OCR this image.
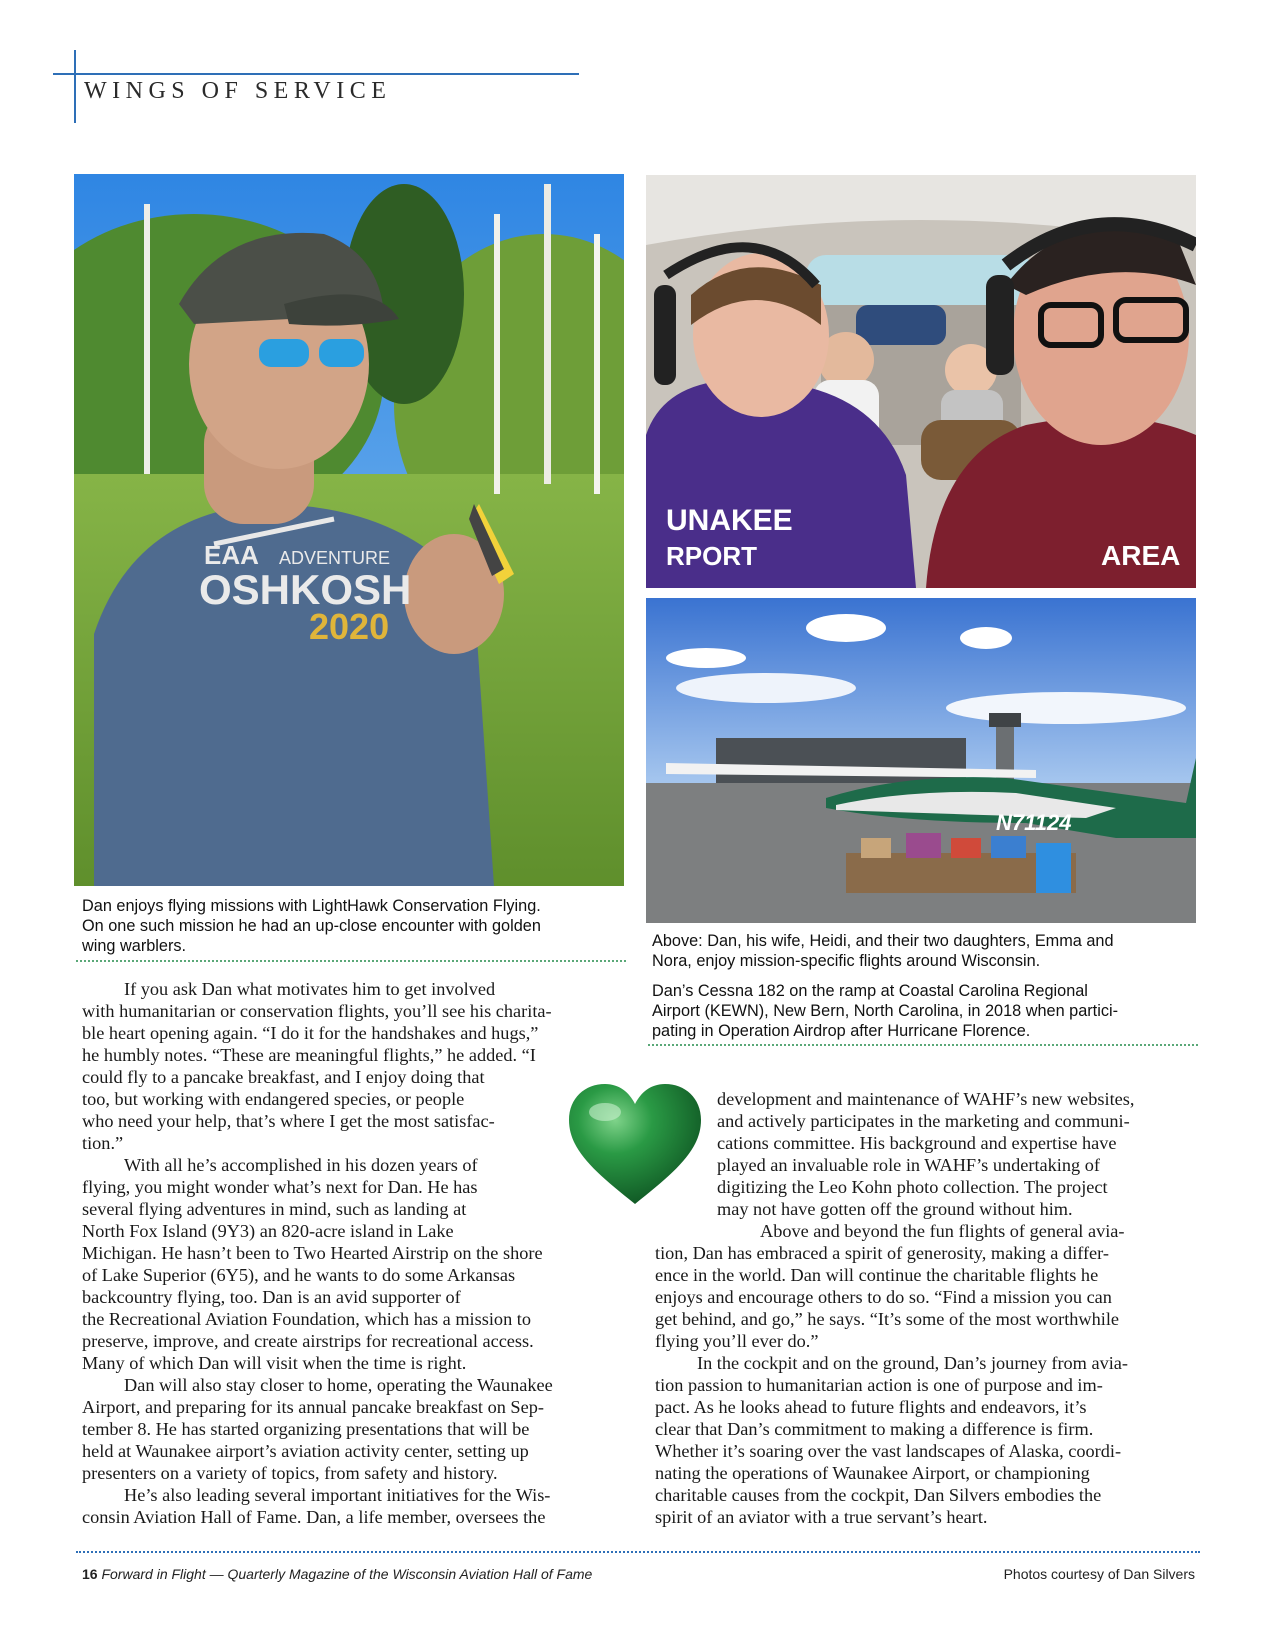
WINGS OF SERVICE
EAA ADVENTURE
OSHKOSH
2020
UNAKEE
RPORT	AREA
N71124
Dan enjoys flying missions with LightHawk Conservation Flying.
On one such mission he had an up-close encounter with golden
wing warblers.	Above: Dan, his wife, Heidi, and their two daughters, Emma and
Nora, enjoy mission-specific flights around Wisconsin.
Dan’s Cessna 182 on the ramp at Coastal Carolina Regional
Airport (KEWN), New Bern, North Carolina, in 2018 when partici-
pating in Operation Airdrop after Hurricane Florence.
If you ask Dan what motivates him to get involved
with humanitarian or conservation flights, you’ll see his charita-
ble heart opening again. “I do it for the handshakes and hugs,”
he humbly notes. “These are meaningful flights,” he added. “I
could fly to a pancake breakfast, and I enjoy doing that
too, but working with endangered species, or people
who need your help, that’s where I get the most satisfac-
tion.”
With all he’s accomplished in his dozen years of
flying, you might wonder what’s next for Dan. He has
several flying adventures in mind, such as landing at
North Fox Island (9Y3) an 820-acre island in Lake
Michigan. He hasn’t been to Two Hearted Airstrip on the shore
of Lake Superior (6Y5), and he wants to do some Arkansas
backcountry flying, too. Dan is an avid supporter of
the Recreational Aviation Foundation, which has a mission to
preserve, improve, and create airstrips for recreational access.
Many of which Dan will visit when the time is right.
Dan will also stay closer to home, operating the Waunakee
Airport, and preparing for its annual pancake breakfast on Sep-
tember 8. He has started organizing presentations that will be
held at Waunakee airport’s aviation activity center, setting up
presenters on a variety of topics, from safety and history.
He’s also leading several important initiatives for the Wis-
consin Aviation Hall of Fame. Dan, a life member, oversees the
development and maintenance of WAHF’s new websites,
and actively participates in the marketing and communi-
cations committee. His background and expertise have
played an invaluable role in WAHF’s undertaking of
digitizing the Leo Kohn photo collection. The project
may not have gotten off the ground without him.
Above and beyond the fun flights of general avia-
tion, Dan has embraced a spirit of generosity, making a differ-
ence in the world. Dan will continue the charitable flights he
enjoys and encourage others to do so. “Find a mission you can
get behind, and go,” he says. “It’s some of the most worthwhile
flying you’ll ever do.”
In the cockpit and on the ground, Dan’s journey from avia-
tion passion to humanitarian action is one of purpose and im-
pact. As he looks ahead to future flights and endeavors, it’s
clear that Dan’s commitment to making a difference is firm.
Whether it’s soaring over the vast landscapes of Alaska, coordi-
nating the operations of Waunakee Airport, or championing
charitable causes from the cockpit, Dan Silvers embodies the
spirit of an aviator with a true servant’s heart.
16 Forward in Flight — Quarterly Magazine of the Wisconsin Aviation Hall of Fame	Photos courtesy of Dan Silvers
